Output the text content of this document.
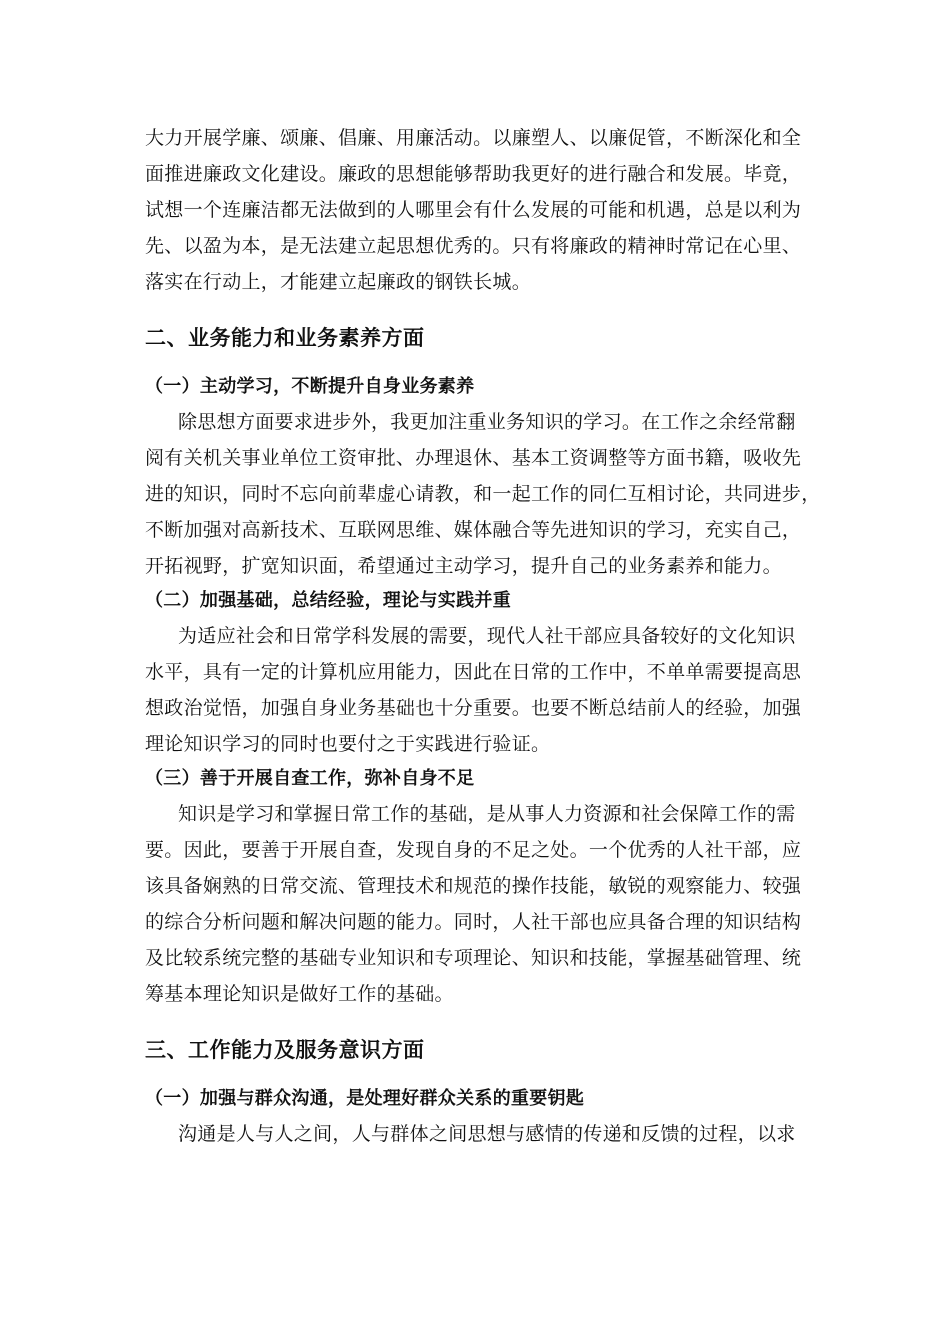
大力开展学廉、颂廉、倡廉、用廉活动。以廉塑人、以廉促管，不断深化和全
面推进廉政文化建设。廉政的思想能够帮助我更好的进行融合和发展。毕竟，
试想一个连廉洁都无法做到的人哪里会有什么发展的可能和机遇，总是以利为
先、以盈为本，是无法建立起思想优秀的。只有将廉政的精神时常记在心里、
落实在行动上，才能建立起廉政的钢铁长城。
二、业务能力和业务素养方面
（一）主动学习，不断提升自身业务素养
除思想方面要求进步外，我更加注重业务知识的学习。在工作之余经常翻
阅有关机关事业单位工资审批、办理退休、基本工资调整等方面书籍，吸收先
进的知识，同时不忘向前辈虚心请教，和一起工作的同仁互相讨论，共同进步，
不断加强对高新技术、互联网思维、媒体融合等先进知识的学习，充实自己，
开拓视野，扩宽知识面，希望通过主动学习，提升自己的业务素养和能力。
（二）加强基础，总结经验，理论与实践并重
为适应社会和日常学科发展的需要，现代人社干部应具备较好的文化知识
水平，具有一定的计算机应用能力，因此在日常的工作中，不单单需要提高思
想政治觉悟，加强自身业务基础也十分重要。也要不断总结前人的经验，加强
理论知识学习的同时也要付之于实践进行验证。
（三）善于开展自查工作，弥补自身不足
知识是学习和掌握日常工作的基础，是从事人力资源和社会保障工作的需
要。因此，要善于开展自查，发现自身的不足之处。一个优秀的人社干部，应
该具备娴熟的日常交流、管理技术和规范的操作技能，敏锐的观察能力、较强
的综合分析问题和解决问题的能力。同时，人社干部也应具备合理的知识结构
及比较系统完整的基础专业知识和专项理论、知识和技能，掌握基础管理、统
筹基本理论知识是做好工作的基础。
三、工作能力及服务意识方面
（一）加强与群众沟通，是处理好群众关系的重要钥匙
沟通是人与人之间，人与群体之间思想与感情的传递和反馈的过程，以求
